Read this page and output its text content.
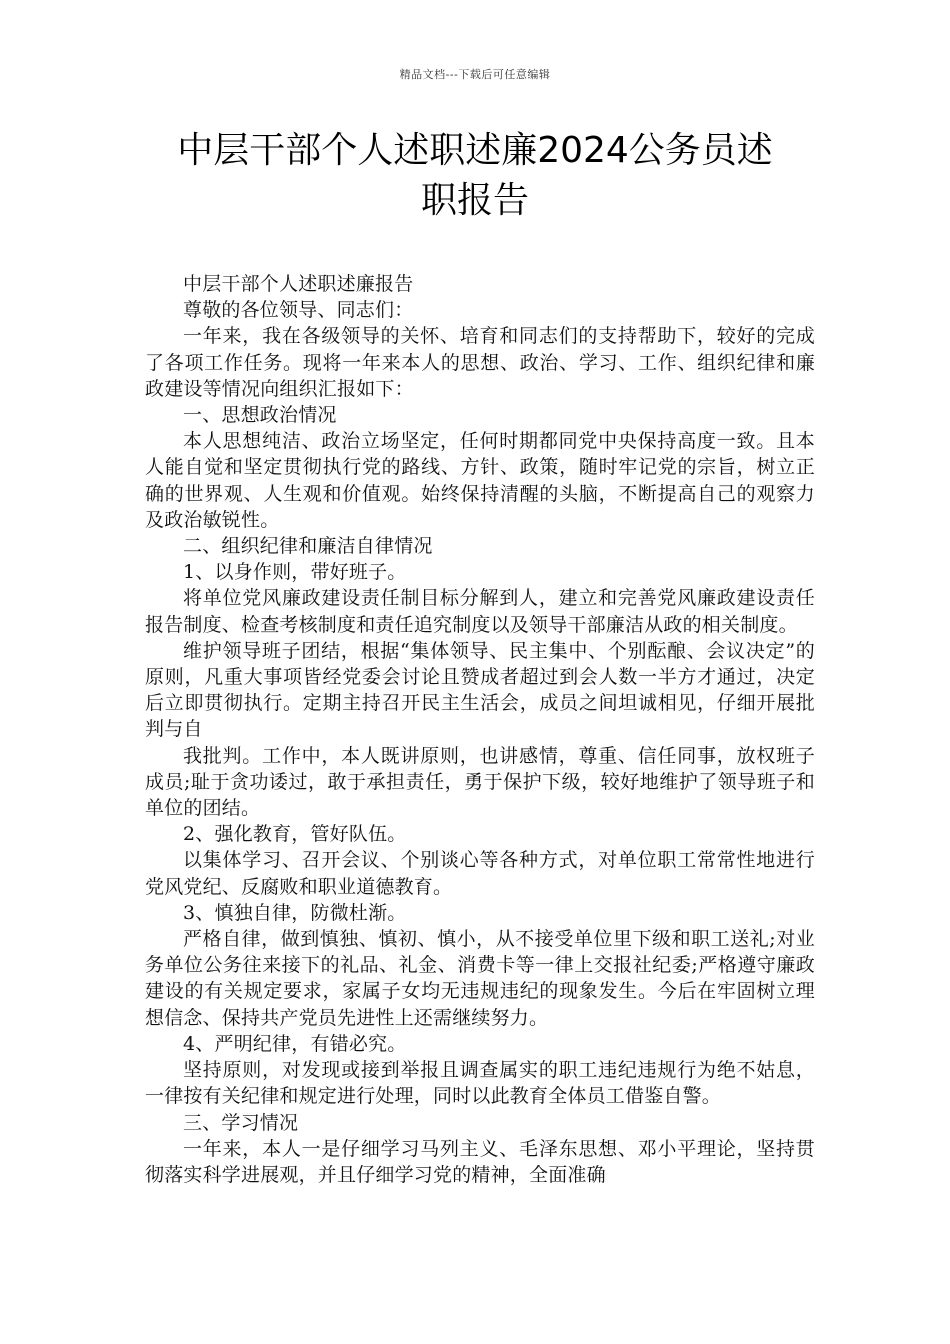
精品文档---下载后可任意编辑
中层干部个人述职述廉2024公务员述
职报告

中层干部个人述职述廉报告

尊敬的各位领导、同志们：

一年来，我在各级领导的关怀、培育和同志们的支持帮助下，较好的完成了各项工作任务。现将一年来本人的思想、政治、学习、工作、组织纪律和廉政建设等情况向组织汇报如下：

一、思想政治情况

本人思想纯洁、政治立场坚定，任何时期都同党中央保持高度一致。且本人能自觉和坚定贯彻执行党的路线、方针、政策，随时牢记党的宗旨，树立正确的世界观、人生观和价值观。始终保持清醒的头脑，不断提高自己的观察力及政治敏锐性。

二、组织纪律和廉洁自律情况

1、以身作则，带好班子。

将单位党风廉政建设责任制目标分解到人，建立和完善党风廉政建设责任报告制度、检查考核制度和责任追究制度以及领导干部廉洁从政的相关制度。

维护领导班子团结，根据“集体领导、民主集中、个别酝酿、会议决定”的原则，凡重大事项皆经党委会讨论且赞成者超过到会人数一半方才通过，决定后立即贯彻执行。定期主持召开民主生活会，成员之间坦诚相见，仔细开展批判与自

我批判。工作中，本人既讲原则，也讲感情，尊重、信任同事，放权班子成员;耻于贪功诿过，敢于承担责任，勇于保护下级，较好地维护了领导班子和单位的团结。

2、强化教育，管好队伍。

以集体学习、召开会议、个别谈心等各种方式，对单位职工常常性地进行党风党纪、反腐败和职业道德教育。

3、慎独自律，防微杜渐。

严格自律，做到慎独、慎初、慎小，从不接受单位里下级和职工送礼;对业务单位公务往来接下的礼品、礼金、消费卡等一律上交报社纪委;严格遵守廉政建设的有关规定要求，家属子女均无违规违纪的现象发生。今后在牢固树立理想信念、保持共产党员先进性上还需继续努力。

4、严明纪律，有错必究。

坚持原则，对发现或接到举报且调查属实的职工违纪违规行为绝不姑息，一律按有关纪律和规定进行处理，同时以此教育全体员工借鉴自警。

三、学习情况

一年来，本人一是仔细学习马列主义、毛泽东思想、邓小平理论，坚持贯彻落实科学进展观，并且仔细学习党的精神，全面准确
